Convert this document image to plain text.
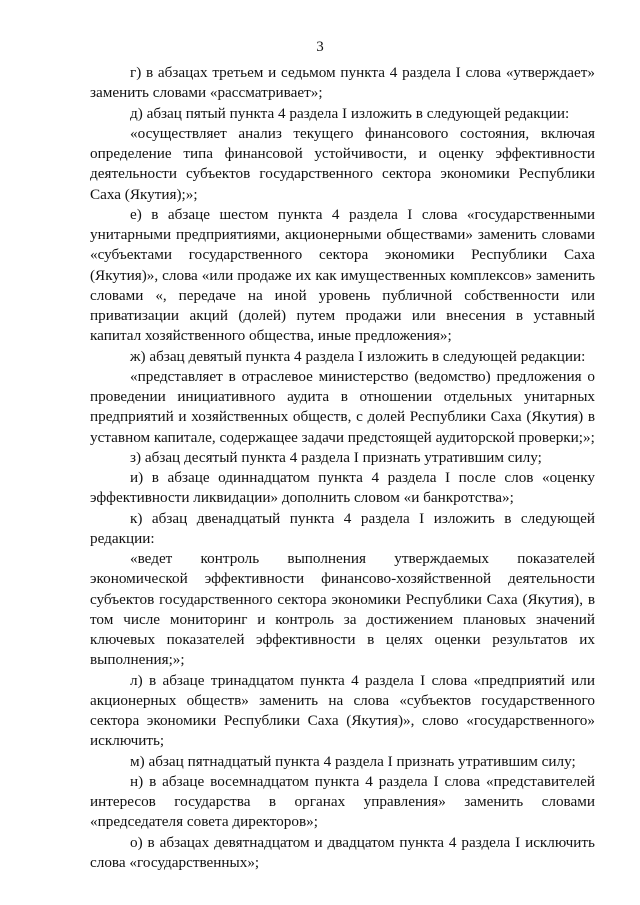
3

г) в абзацах третьем и седьмом пункта 4 раздела I слова «утверждает» заменить словами «рассматривает»;

д) абзац пятый пункта 4 раздела I изложить в следующей редакции:

«осуществляет анализ текущего финансового состояния, включая определение типа финансовой устойчивости, и оценку эффективности деятельности субъектов государственного сектора экономики Республики Саха (Якутия);»;

е) в абзаце шестом пункта 4 раздела I слова «государственными унитарными предприятиями, акционерными обществами» заменить словами «субъектами государственного сектора экономики Республики Саха (Якутия)», слова «или продаже их как имущественных комплексов» заменить словами «, передаче на иной уровень публичной собственности или приватизации акций (долей) путем продажи или внесения в уставный капитал хозяйственного общества, иные предложения»;

ж) абзац девятый пункта 4 раздела I изложить в следующей редакции:

«представляет в отраслевое министерство (ведомство) предложения о проведении инициативного аудита в отношении отдельных унитарных предприятий и хозяйственных обществ, с долей Республики Саха (Якутия) в уставном капитале, содержащее задачи предстоящей аудиторской проверки;»;

з) абзац десятый пункта 4 раздела I признать утратившим силу;

и) в абзаце одиннадцатом пункта 4 раздела I после слов «оценку эффективности ликвидации» дополнить словом «и банкротства»;

к) абзац двенадцатый пункта 4 раздела I изложить в следующей редакции:

«ведет контроль выполнения утверждаемых показателей экономической эффективности финансово-хозяйственной деятельности субъектов государственного сектора экономики Республики Саха (Якутия), в том числе мониторинг и контроль за достижением плановых значений ключевых показателей эффективности в целях оценки результатов их выполнения;»;

л) в абзаце тринадцатом пункта 4 раздела I слова «предприятий или акционерных обществ» заменить на слова «субъектов государственного сектора экономики Республики Саха (Якутия)», слово «государственного» исключить;

м) абзац пятнадцатый пункта 4 раздела I признать утратившим силу;

н) в абзаце восемнадцатом пункта 4 раздела I слова «представителей интересов государства в органах управления» заменить словами «председателя совета директоров»;

о) в абзацах девятнадцатом и двадцатом пункта 4 раздела I исключить слова «государственных»;
